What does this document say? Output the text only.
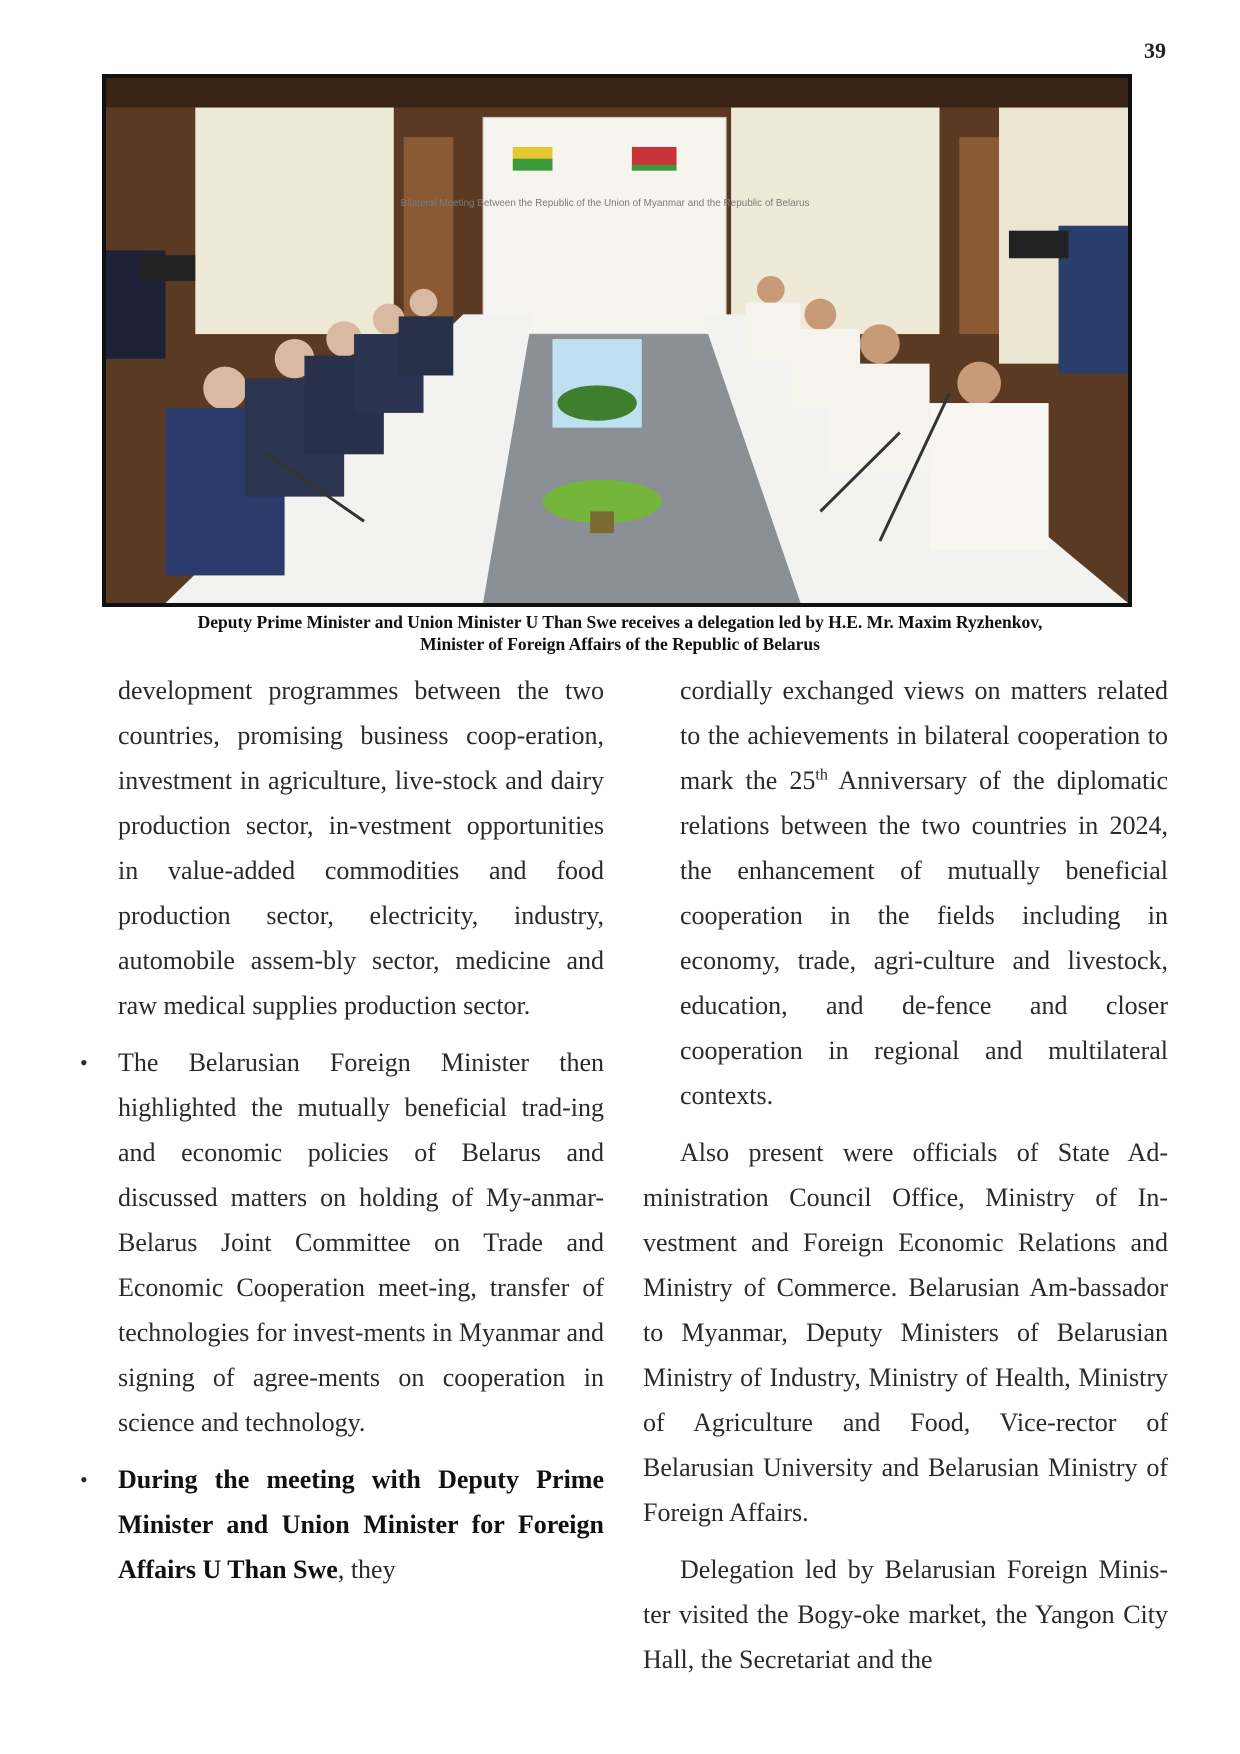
39
Bilateral Meeting Between the Republic of the Union of Myanmar and the Republic of Belarus
Deputy Prime Minister and Union Minister U Than Swe receives a delegation led by H.E. Mr. Maxim Ryzhenkov,
Minister of Foreign Affairs of the Republic of Belarus

development programmes between the two countries, promising business coop-eration, investment in agriculture, live-stock and dairy production sector, in-vestment opportunities in value-added commodities and food production sector, electricity, industry, automobile assem-bly sector, medicine and raw medical supplies production sector.

• The Belarusian Foreign Minister then highlighted the mutually beneficial trad-ing and economic policies of Belarus and discussed matters on holding of My-anmar-Belarus Joint Committee on Trade and Economic Cooperation meet-ing, transfer of technologies for invest-ments in Myanmar and signing of agree-ments on cooperation in science and technology.

• During the meeting with Deputy Prime Minister and Union Minister for Foreign Affairs U Than Swe, they

cordially exchanged views on matters related to the achievements in bilateral cooperation to mark the 25th Anniversary of the diplomatic relations between the two countries in 2024, the enhancement of mutually beneficial cooperation in the fields including in economy, trade, agri-culture and livestock, education, and de-fence and closer cooperation in regional and multilateral contexts.

Also present were officials of State Ad-ministration Council Office, Ministry of In-vestment and Foreign Economic Relations and Ministry of Commerce. Belarusian Am-bassador to Myanmar, Deputy Ministers of Belarusian Ministry of Industry, Ministry of Health, Ministry of Agriculture and Food, Vice-rector of Belarusian University and Belarusian Ministry of Foreign Affairs.

Delegation led by Belarusian Foreign Minis-ter visited the Bogy-oke market, the Yangon City Hall, the Secretariat and the
